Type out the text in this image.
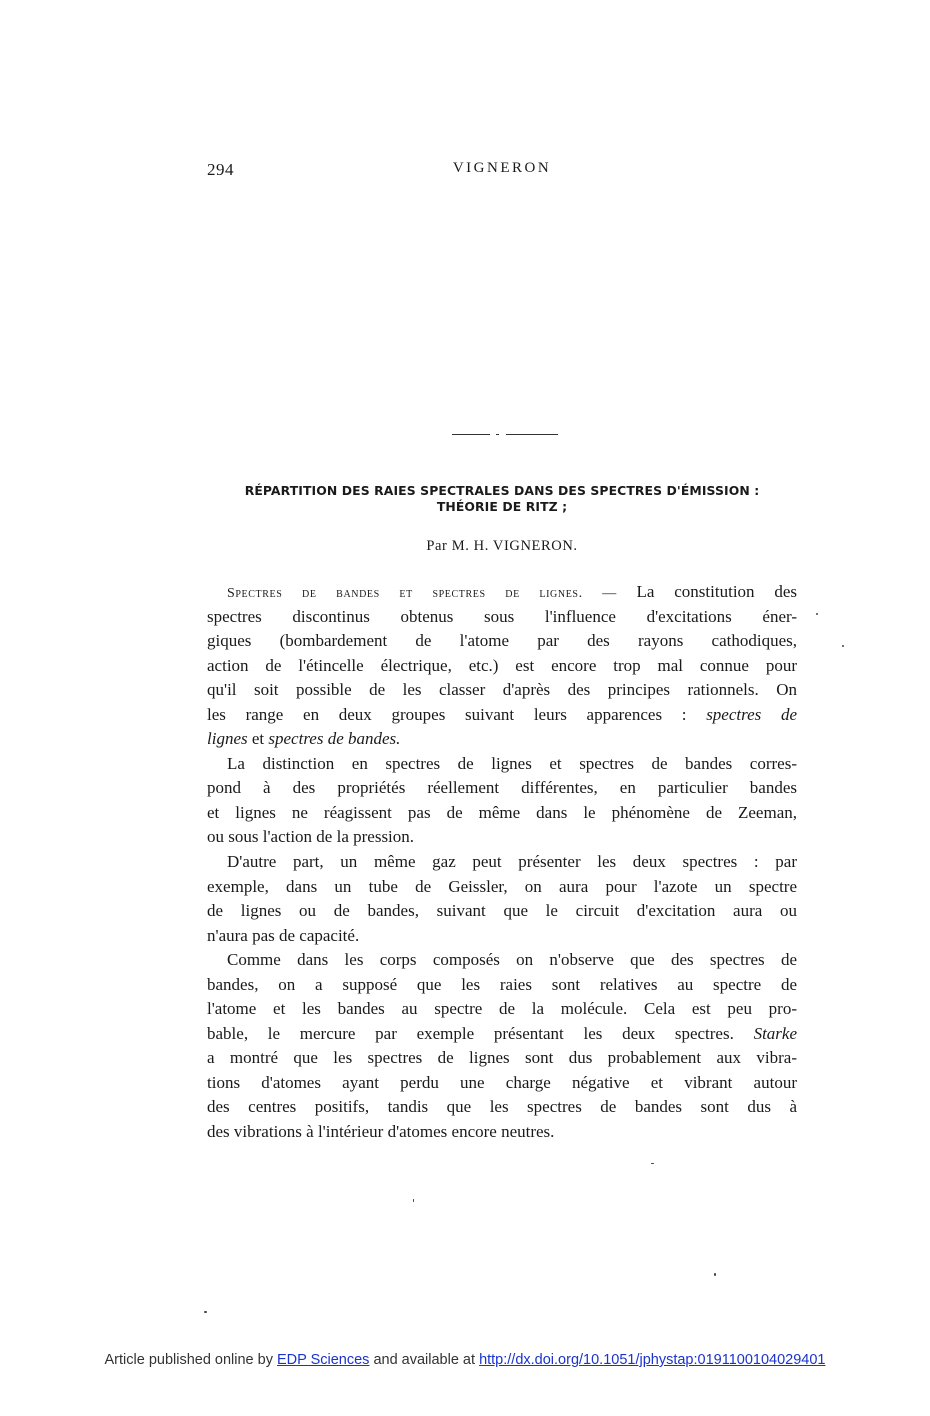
294	VIGNERON
RÉPARTITION DES RAIES SPECTRALES DANS DES SPECTRES D'ÉMISSION :
THÉORIE DE RITZ ;
Par M. H. VIGNERON.
Spectres de bandes et spectres de lignes. — La constitution des
spectres discontinus obtenus sous l'influence d'excitations éner-
giques (bombardement de l'atome par des rayons cathodiques,
action de l'étincelle électrique, etc.) est encore trop mal connue pour
qu'il soit possible de les classer d'après des principes rationnels. On
les range en deux groupes suivant leurs apparences : spectres de
lignes et spectres de bandes.
La distinction en spectres de lignes et spectres de bandes corres-
pond à des propriétés réellement différentes, en particulier bandes
et lignes ne réagissent pas de même dans le phénomène de Zeeman,
ou sous l'action de la pression.
D'autre part, un même gaz peut présenter les deux spectres : par
exemple, dans un tube de Geissler, on aura pour l'azote un spectre
de lignes ou de bandes, suivant que le circuit d'excitation aura ou
n'aura pas de capacité.
Comme dans les corps composés on n'observe que des spectres de
bandes, on a supposé que les raies sont relatives au spectre de
l'atome et les bandes au spectre de la molécule. Cela est peu pro-
bable, le mercure par exemple présentant les deux spectres. Starke
a montré que les spectres de lignes sont dus probablement aux vibra-
tions d'atomes ayant perdu une charge négative et vibrant autour
des centres positifs, tandis que les spectres de bandes sont dus à
des vibrations à l'intérieur d'atomes encore neutres.
Article published online by EDP Sciences and available at http://dx.doi.org/10.1051/jphystap:0191100104029401
